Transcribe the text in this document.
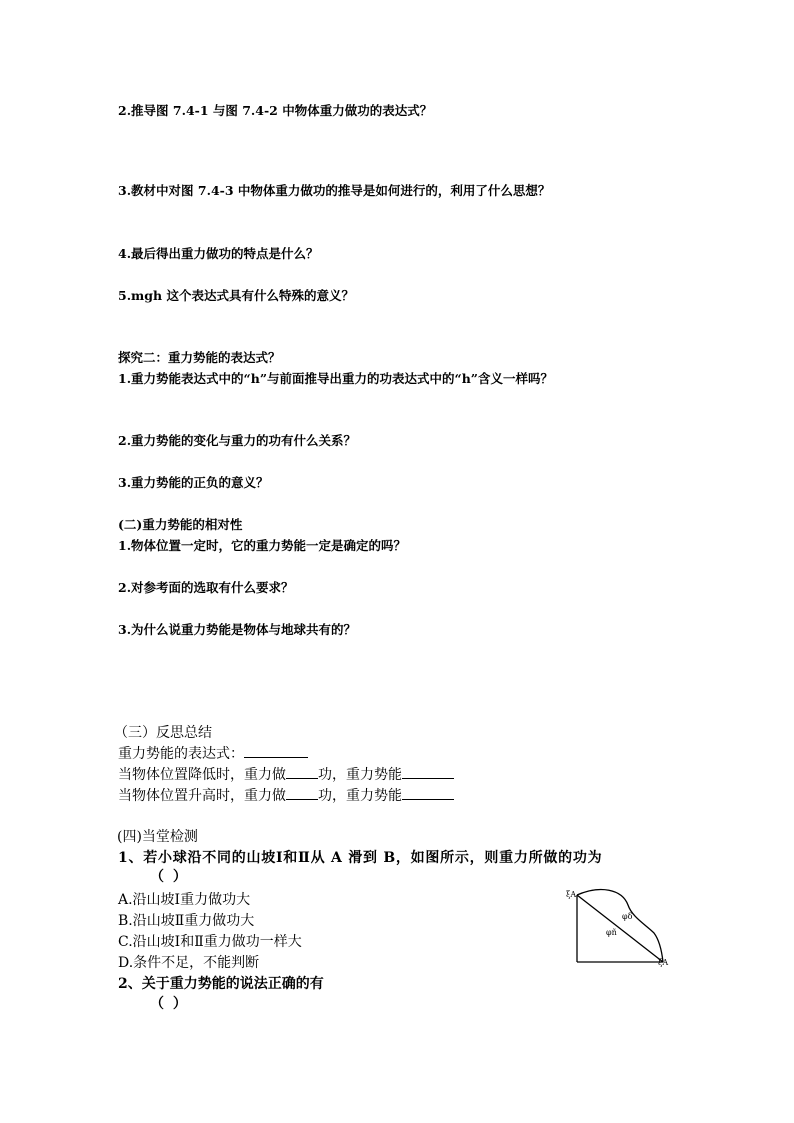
2.推导图 7.4-1 与图 7.4-2 中物体重力做功的表达式？
3.教材中对图 7.4-3 中物体重力做功的推导是如何进行的，利用了什么思想？
4.最后得出重力做功的特点是什么？
5.mgh 这个表达式具有什么特殊的意义？
探究二：重力势能的表达式？
1.重力势能表达式中的“h”与前面推导出重力的功表达式中的“h”含义一样吗？
2.重力势能的变化与重力的功有什么关系？
3.重力势能的正负的意义？
(二)重力势能的相对性
1.物体位置一定时，它的重力势能一定是确定的吗？
2.对参考面的选取有什么要求？
3.为什么说重力势能是物体与地球共有的？
（三）反思总结
重力势能的表达式：
当物体位置降低时，重力做 功，重力势能
当物体位置升高时，重力做 功，重力势能
(四)当堂检测
1、若小球沿不同的山坡Ⅰ和Ⅱ从 A 滑到 B，如图所示，则重力所做的功为
（ ）
A.沿山坡Ⅰ重力做功大
B.沿山坡Ⅱ重力做功大
C.沿山坡Ⅰ和Ⅱ重力做功一样大
D.条件不足，不能判断
2、关于重力势能的说法正确的有
（ ）
ξA
ξA
φδ
φñ
